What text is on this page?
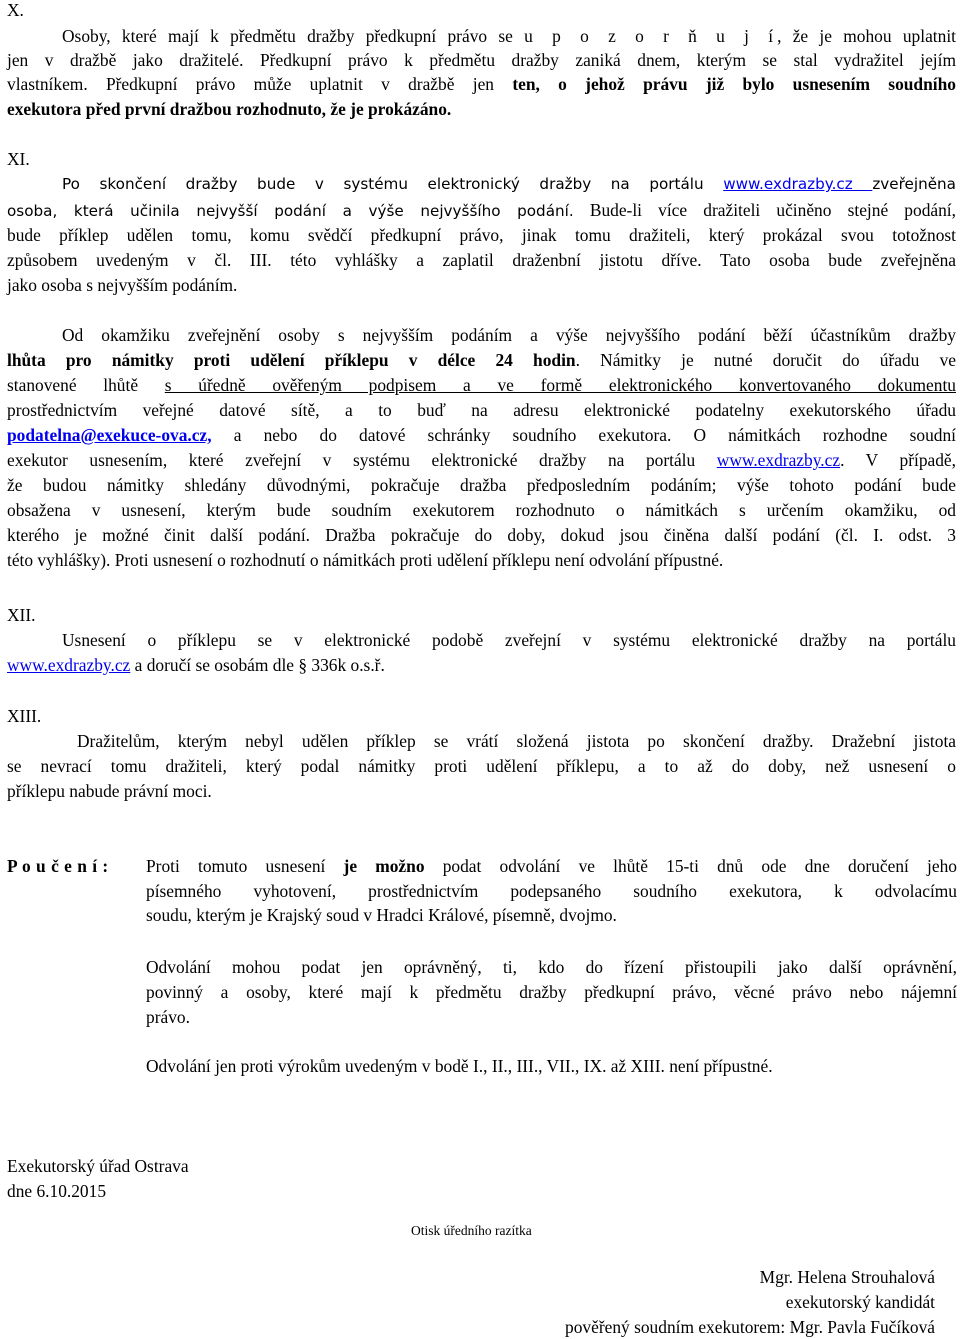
X.
Osoby, které mají k předmětu dražby předkupní právo se u p o z o r ň u j í, že je mohou uplatnit
jen v dražbě jako dražitelé. Předkupní právo k předmětu dražby zaniká dnem, kterým se stal vydražitel jejím
vlastníkem. Předkupní právo může uplatnit v dražbě jen ten, o jehož právu již bylo usnesením soudního
exekutora před první dražbou rozhodnuto, že je prokázáno.
XI.
Po skončení dražby bude v systému elektronický dražby na portálu www.exdrazby.cz zveřejněna
osoba, která učinila nejvyšší podání a výše nejvyššího podání. Bude-li více dražiteli učiněno stejné podání,
bude příklep udělen tomu, komu svědčí předkupní právo, jinak tomu dražiteli, který prokázal svou totožnost
způsobem uvedeným v čl. III. této vyhlášky a zaplatil draženbní jistotu dříve. Tato osoba bude zveřejněna
jako osoba s nejvyšším podáním.
Od okamžiku zveřejnění osoby s nejvyšším podáním a výše nejvyššího podání běží účastníkům dražby
lhůta pro námitky proti udělení příklepu v délce 24 hodin. Námitky je nutné doručit do úřadu ve
stanovené lhůtě s úředně ověřeným podpisem a ve formě elektronického konvertovaného dokumentu
prostřednictvím veřejné datové sítě, a to buď na adresu elektronické podatelny exekutorského úřadu
podatelna@exekuce-ova.cz, a nebo do datové schránky soudního exekutora. O námitkách rozhodne soudní
exekutor usnesením, které zveřejní v systému elektronické dražby na portálu www.exdrazby.cz. V případě,
že budou námitky shledány důvodnými, pokračuje dražba předposledním podáním; výše tohoto podání bude
obsažena v usnesení, kterým bude soudním exekutorem rozhodnuto o námitkách s určením okamžiku, od
kterého je možné činit další podání. Dražba pokračuje do doby, dokud jsou činěna další podání (čl. I. odst. 3
této vyhlášky). Proti usnesení o rozhodnutí o námitkách proti udělení příklepu není odvolání přípustné.
XII.
Usnesení o příklepu se v elektronické podobě zveřejní v systému elektronické dražby na portálu
www.exdrazby.cz a doručí se osobám dle § 336k o.s.ř.
XIII.
Dražitelům, kterým nebyl udělen příklep se vrátí složená jistota po skončení dražby. Dražební jistota
se nevrací tomu dražiteli, který podal námitky proti udělení příklepu, a to až do doby, než usnesení o
příklepu nabude právní moci.
P o u č e n í : Proti tomuto usnesení je možno podat odvolání ve lhůtě 15-ti dnů ode dne doručení jeho
písemného vyhotovení, prostřednictvím podepsaného soudního exekutora, k odvolacímu
soudu, kterým je Krajský soud v Hradci Králové, písemně, dvojmo.
Odvolání mohou podat jen oprávněný, ti, kdo do řízení přistoupili jako další oprávnění,
povinný a osoby, které mají k předmětu dražby předkupní právo, věcné právo nebo nájemní
právo.
Odvolání jen proti výrokům uvedeným v bodě I., II., III., VII., IX. až XIII. není přípustné.
Exekutorský úřad Ostrava
dne 6.10.2015
Otisk úředního razítka
Mgr. Helena Strouhalová
exekutorský kandidát
pověřený soudním exekutorem: Mgr. Pavla Fučíková
